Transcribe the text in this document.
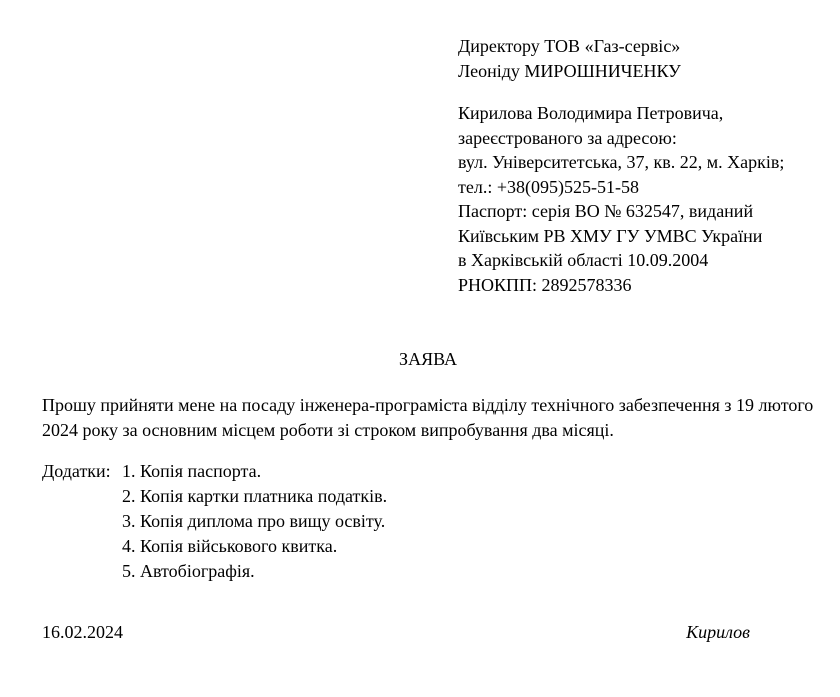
Директору ТОВ «Газ-сервіс»
Леоніду МИРОШНИЧЕНКУ
Кирилова Володимира Петровича,
зареєстрованого за адресою:
вул. Університетська, 37, кв. 22, м. Харків;
тел.: +38(095)525-51-58
Паспорт: серія ВО № 632547, виданий
Київським РВ ХМУ ГУ УМВС України
в Харківській області 10.09.2004
РНОКПП: 2892578336
ЗАЯВА

Прошу прийняти мене на посаду інженера-програміста відділу технічного забезпечення з 19 лютого 2024 року за основним місцем роботи зі строком випробування два місяці.

Додатки: 1. Копія паспорта.
2. Копія картки платника податків.
3. Копія диплома про вищу освіту.
4. Копія військового квитка.
5. Автобіографія.
16.02.2024	Кирилов
